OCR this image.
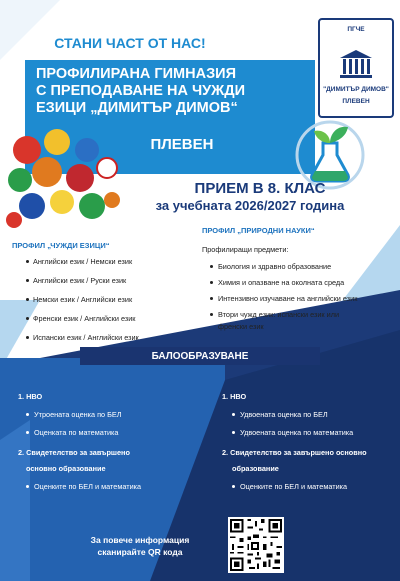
ПГЧЕ
"ДИМИТЪР ДИМОВ"
ПЛЕВЕН
СТАНИ ЧАСТ ОТ НАС!
ПРОФИЛИРАНА ГИМНАЗИЯ
С ПРЕПОДАВАНЕ НА ЧУЖДИ
ЕЗИЦИ „ДИМИТЪР ДИМОВ“
ПЛЕВЕН
ПРИЕМ В 8. КЛАС
за учебната 2026/2027 година
ПРОФИЛ „ЧУЖДИ ЕЗИЦИ“
Английски език / Немски език
Английски език / Руски език
Немски език / Английски език
Френски език / Английски език
Испански език / Английски език
ПРОФИЛ „ПРИРОДНИ НАУКИ“
Профилиращи предмети:
Биология и здравно образование
Химия и опазване на околната среда
Интензивно изучаване на английски език
Втори чужд език: испански език или
френски език
БАЛООБРАЗУВАНЕ
1. НВО
Утроената оценка по БЕЛ
Оценката по математика
2. Свидетелство за завършено
основно образование
Оценките по БЕЛ и математика
1. НВО
Удвоената оценка по БЕЛ
Удвоената оценка по математика
2. Свидетелство за завършено основно
образование
Оценките по БЕЛ и математика
За повече информация
сканирайте QR кода
